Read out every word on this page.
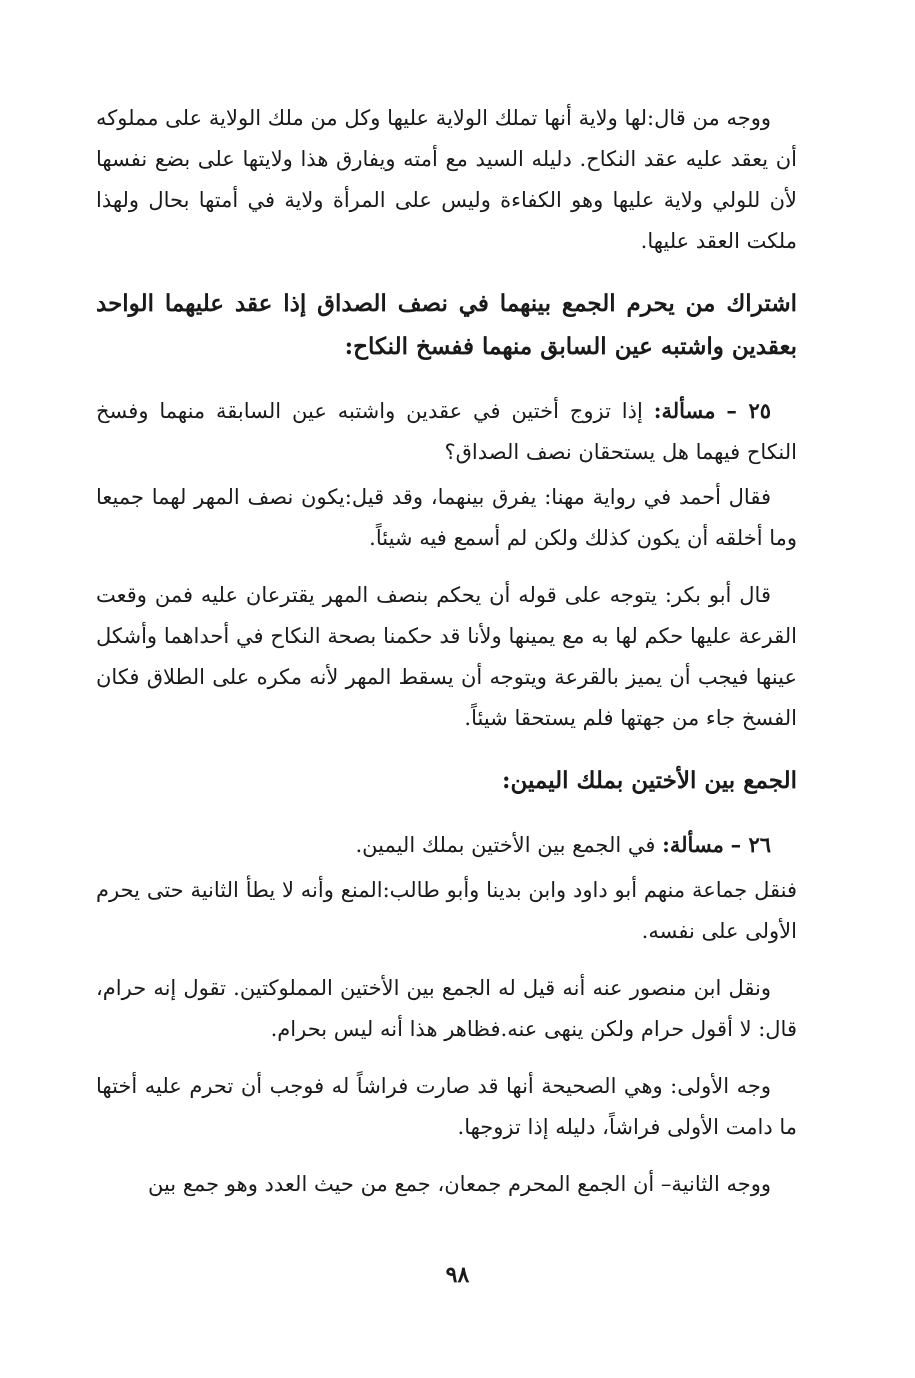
ووجه من قال:لها ولاية أنها تملك الولاية عليها وكل من ملك الولاية على مملوكه أن يعقد عليه عقد النكاح. دليله السيد مع أمته ويفارق هذا ولايتها على بضع نفسها لأن للولي ولاية عليها وهو الكفاءة وليس على المرأة ولاية في أمتها بحال ولهذا ملكت العقد عليها.

اشتراك من يحرم الجمع بينهما في نصف الصداق إذا عقد عليهما الواحد بعقدين واشتبه عين السابق منهما ففسخ النكاح:

٢٥ – مسألة: إذا تزوج أختين في عقدين واشتبه عين السابقة منهما وفسخ النكاح فيهما هل يستحقان نصف الصداق؟

فقال أحمد في رواية مهنا: يفرق بينهما، وقد قيل:يكون نصف المهر لهما جميعا وما أخلقه أن يكون كذلك ولكن لم أسمع فيه شيئاً.

قال أبو بكر: يتوجه على قوله أن يحكم بنصف المهر يقترعان عليه فمن وقعت القرعة عليها حكم لها به مع يمينها ولأنا قد حكمنا بصحة النكاح في أحداهما وأشكل عينها فيجب أن يميز بالقرعة ويتوجه أن يسقط المهر لأنه مكره على الطلاق فكان الفسخ جاء من جهتها فلم يستحقا شيئاً.

الجمع بين الأختين بملك اليمين:

٢٦ – مسألة: في الجمع بين الأختين بملك اليمين.

فنقل جماعة منهم أبو داود وابن بدينا وأبو طالب:المنع وأنه لا يطأ الثانية حتى يحرم الأولى على نفسه.

ونقل ابن منصور عنه أنه قيل له الجمع بين الأختين المملوكتين. تقول إنه حرام، قال: لا أقول حرام ولكن ينهى عنه.فظاهر هذا أنه ليس بحرام.

وجه الأولى: وهي الصحيحة أنها قد صارت فراشاً له فوجب أن تحرم عليه أختها ما دامت الأولى فراشاً، دليله إذا تزوجها.

ووجه الثانية– أن الجمع المحرم جمعان، جمع من حيث العدد وهو جمع بين

٩٨
